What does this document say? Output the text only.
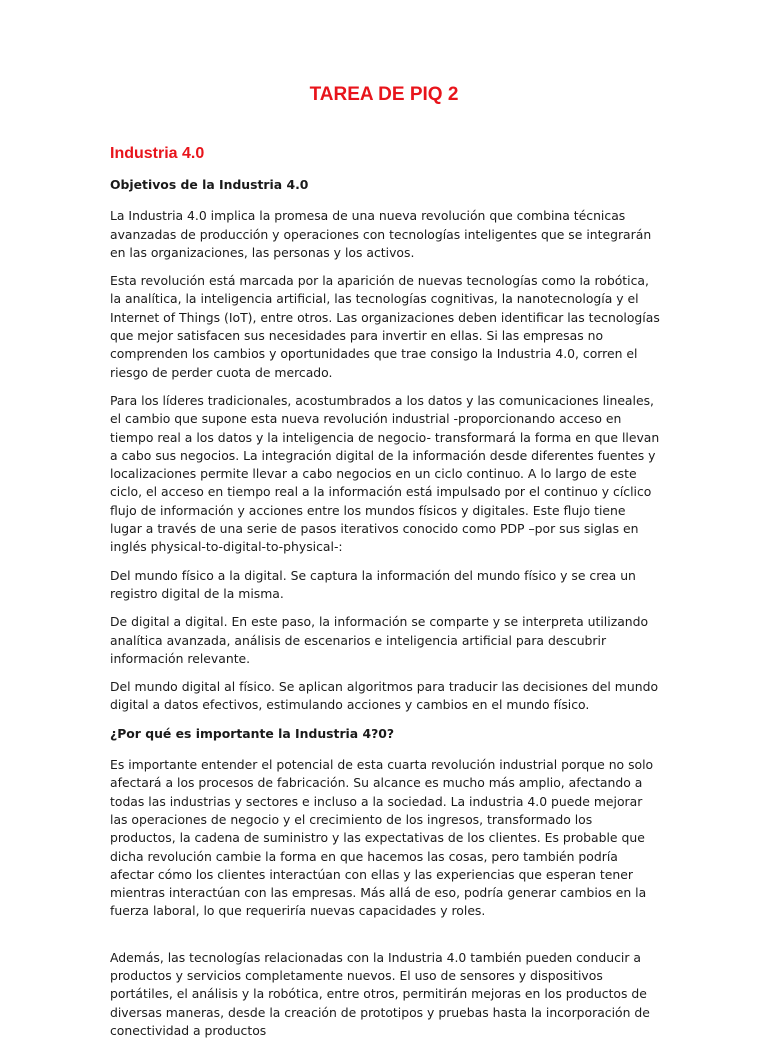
TAREA DE PIQ 2
Industria 4.0

Objetivos de la Industria 4.0

La Industria 4.0 implica la promesa de una nueva revolución que combina técnicas avanzadas de producción y operaciones con tecnologías inteligentes que se integrarán en las organizaciones, las personas y los activos.

Esta revolución está marcada por la aparición de nuevas tecnologías como la robótica, la analítica, la inteligencia artificial, las tecnologías cognitivas, la nanotecnología y el Internet of Things (IoT), entre otros. Las organizaciones deben identificar las tecnologías que mejor satisfacen sus necesidades para invertir en ellas. Si las empresas no comprenden los cambios y oportunidades que trae consigo la Industria 4.0, corren el riesgo de perder cuota de mercado.

Para los líderes tradicionales, acostumbrados a los datos y las comunicaciones lineales, el cambio que supone esta nueva revolución industrial -proporcionando acceso en tiempo real a los datos y la inteligencia de negocio- transformará la forma en que llevan a cabo sus negocios. La integración digital de la información desde diferentes fuentes y localizaciones permite llevar a cabo negocios en un ciclo continuo. A lo largo de este ciclo, el acceso en tiempo real a la información está impulsado por el continuo y cíclico flujo de información y acciones entre los mundos físicos y digitales. Este flujo tiene lugar a través de una serie de pasos iterativos conocido como PDP –por sus siglas en inglés physical-to-digital-to-physical-:

Del mundo físico a la digital. Se captura la información del mundo físico y se crea un registro digital de la misma.

De digital a digital. En este paso, la información se comparte y se interpreta utilizando analítica avanzada, análisis de escenarios e inteligencia artificial para descubrir información relevante.

Del mundo digital al físico. Se aplican algoritmos para traducir las decisiones del mundo digital a datos efectivos, estimulando acciones y cambios en el mundo físico.

¿Por qué es importante la Industria 4?0?

Es importante entender el potencial de esta cuarta revolución industrial porque no solo afectará a los procesos de fabricación. Su alcance es mucho más amplio, afectando a todas las industrias y sectores e incluso a la sociedad. La industria 4.0 puede mejorar las operaciones de negocio y el crecimiento de los ingresos, transformado los productos, la cadena de suministro y las expectativas de los clientes. Es probable que dicha revolución cambie la forma en que hacemos las cosas, pero también podría afectar cómo los clientes interactúan con ellas y las experiencias que esperan tener mientras interactúan con las empresas. Más allá de eso, podría generar cambios en la fuerza laboral, lo que requeriría nuevas capacidades y roles.

Además, las tecnologías relacionadas con la Industria 4.0 también pueden conducir a productos y servicios completamente nuevos. El uso de sensores y dispositivos portátiles, el análisis y la robótica, entre otros, permitirán mejoras en los productos de diversas maneras, desde la creación de prototipos y pruebas hasta la incorporación de conectividad a productos
